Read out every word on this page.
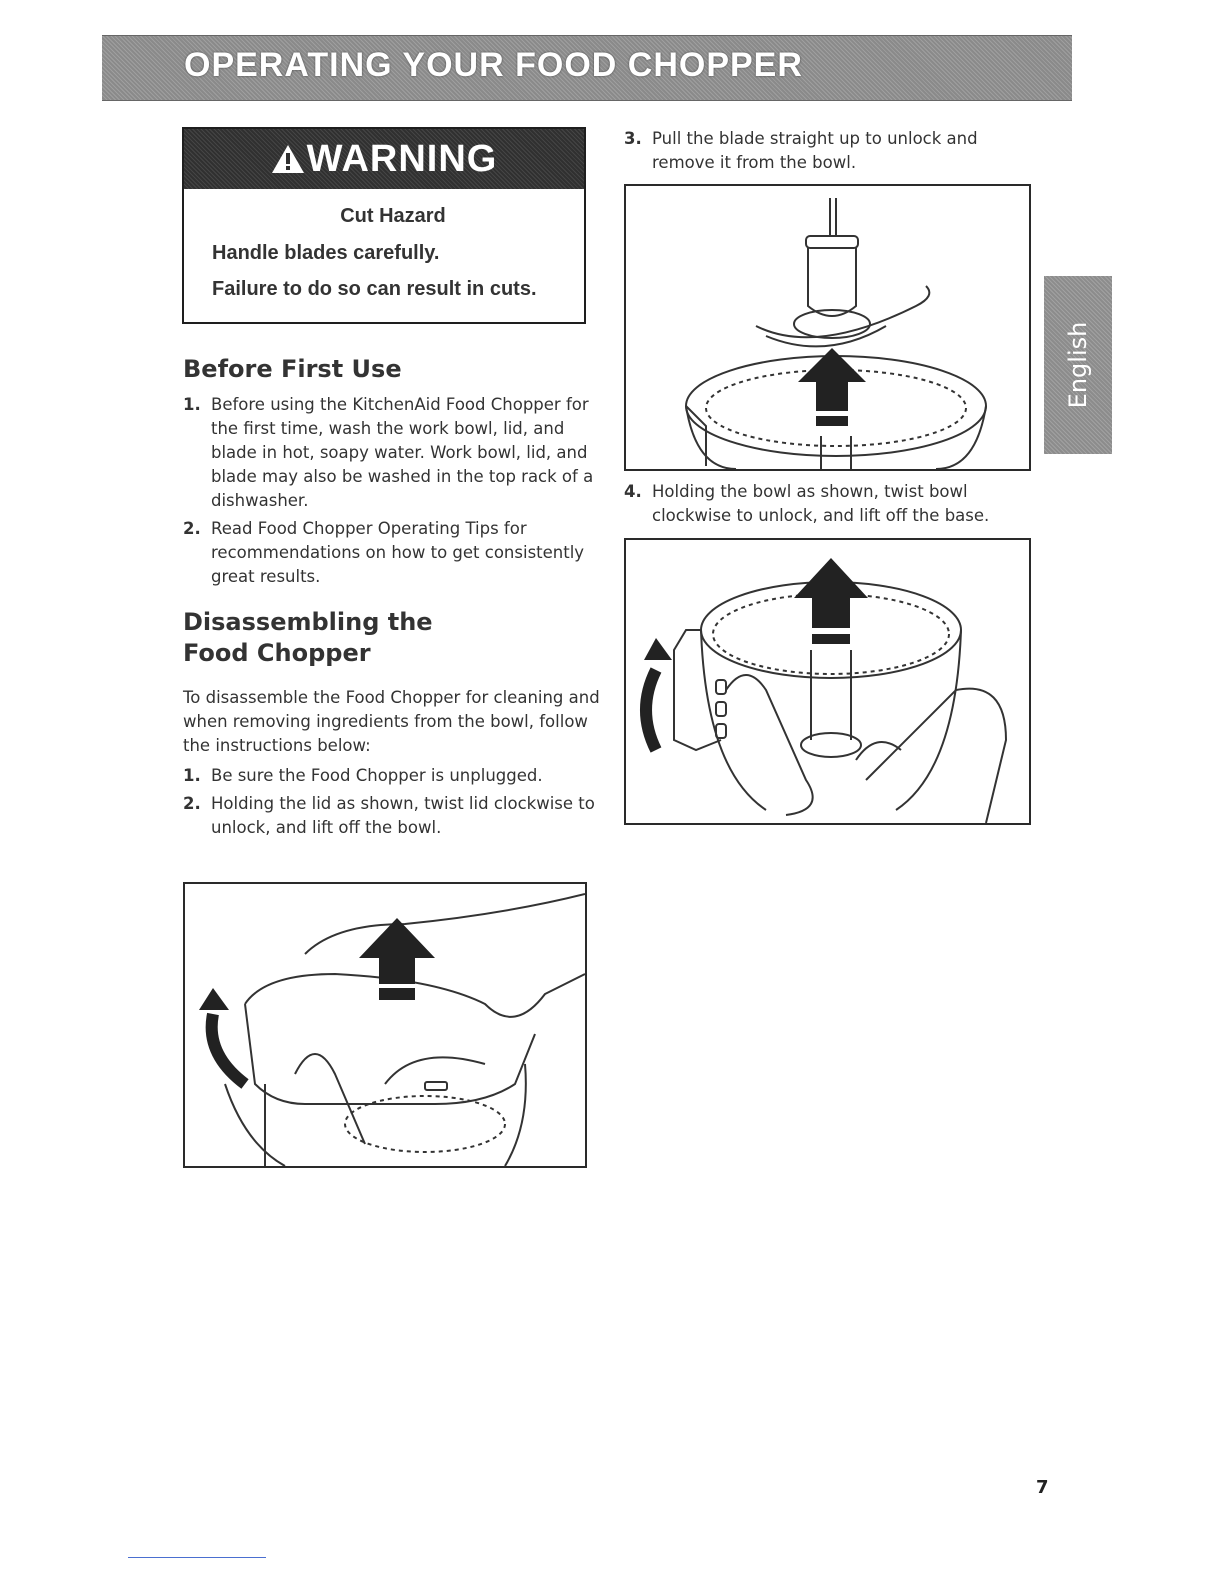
OPERATING YOUR FOOD CHOPPER
WARNING

Cut Hazard

Handle blades carefully.

Failure to do so can result in cuts.

Before First Use
1. Before using the KitchenAid Food Chopper for the first time, wash the work bowl, lid, and blade in hot, soapy water. Work bowl, lid, and blade may also be washed in the top rack of a dishwasher.
2. Read Food Chopper Operating Tips for recommendations on how to get consistently great results.
Disassembling the
Food Chopper

To disassemble the Food Chopper for cleaning and when removing ingredients from the bowl, follow the instructions below:

1. Be sure the Food Chopper is unplugged.
2. Holding the lid as shown, twist lid clockwise to unlock, and lift off the bowl.
3. Pull the blade straight up to unlock and remove it from the bowl.
4. Holding the bowl as shown, twist bowl clockwise to unlock, and lift off the base.
English
7
